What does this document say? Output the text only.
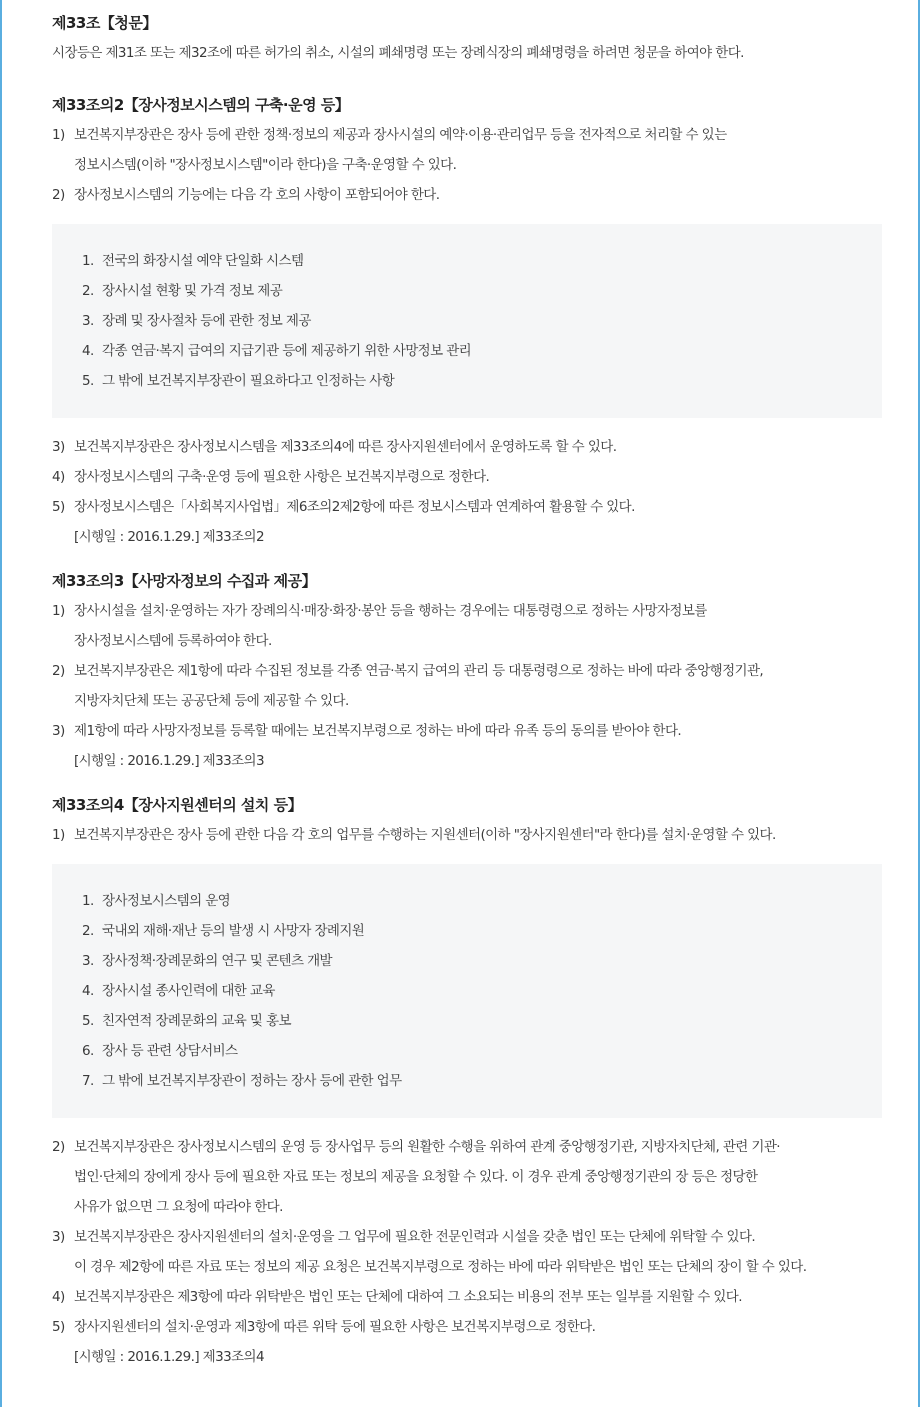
제33조【청문】
시장등은 제31조 또는 제32조에 따른 허가의 취소, 시설의 폐쇄명령 또는 장례식장의 폐쇄명령을 하려면 청문을 하여야 한다.
제33조의2【장사정보시스템의 구축·운영 등】
1) 보건복지부장관은 장사 등에 관한 정책·정보의 제공과 장사시설의 예약·이용·관리업무 등을 전자적으로 처리할 수 있는
정보시스템(이하 "장사정보시스템"이라 한다)을 구축·운영할 수 있다.
2) 장사정보시스템의 기능에는 다음 각 호의 사항이 포함되어야 한다.
1. 전국의 화장시설 예약 단일화 시스템
2. 장사시설 현황 및 가격 정보 제공
3. 장례 및 장사절차 등에 관한 정보 제공
4. 각종 연금·복지 급여의 지급기관 등에 제공하기 위한 사망정보 관리
5. 그 밖에 보건복지부장관이 필요하다고 인정하는 사항
3) 보건복지부장관은 장사정보시스템을 제33조의4에 따른 장사지원센터에서 운영하도록 할 수 있다.
4) 장사정보시스템의 구축·운영 등에 필요한 사항은 보건복지부령으로 정한다.
5) 장사정보시스템은「사회복지사업법」제6조의2제2항에 따른 정보시스템과 연계하여 활용할 수 있다.
[시행일 : 2016.1.29.] 제33조의2
제33조의3【사망자정보의 수집과 제공】
1) 장사시설을 설치·운영하는 자가 장례의식·매장·화장·봉안 등을 행하는 경우에는 대통령령으로 정하는 사망자정보를
장사정보시스템에 등록하여야 한다.
2) 보건복지부장관은 제1항에 따라 수집된 정보를 각종 연금·복지 급여의 관리 등 대통령령으로 정하는 바에 따라 중앙행정기관,
지방자치단체 또는 공공단체 등에 제공할 수 있다.
3) 제1항에 따라 사망자정보를 등록할 때에는 보건복지부령으로 정하는 바에 따라 유족 등의 동의를 받아야 한다.
[시행일 : 2016.1.29.] 제33조의3
제33조의4【장사지원센터의 설치 등】
1) 보건복지부장관은 장사 등에 관한 다음 각 호의 업무를 수행하는 지원센터(이하 "장사지원센터"라 한다)를 설치·운영할 수 있다.
1. 장사정보시스템의 운영
2. 국내외 재해·재난 등의 발생 시 사망자 장례지원
3. 장사정책·장례문화의 연구 및 콘텐츠 개발
4. 장사시설 종사인력에 대한 교육
5. 친자연적 장례문화의 교육 및 홍보
6. 장사 등 관련 상담서비스
7. 그 밖에 보건복지부장관이 정하는 장사 등에 관한 업무
2) 보건복지부장관은 장사정보시스템의 운영 등 장사업무 등의 원활한 수행을 위하여 관계 중앙행정기관, 지방자치단체, 관련 기관·
법인·단체의 장에게 장사 등에 필요한 자료 또는 정보의 제공을 요청할 수 있다. 이 경우 관계 중앙행정기관의 장 등은 정당한
사유가 없으면 그 요청에 따라야 한다.
3) 보건복지부장관은 장사지원센터의 설치·운영을 그 업무에 필요한 전문인력과 시설을 갖춘 법인 또는 단체에 위탁할 수 있다.
이 경우 제2항에 따른 자료 또는 정보의 제공 요청은 보건복지부령으로 정하는 바에 따라 위탁받은 법인 또는 단체의 장이 할 수 있다.
4) 보건복지부장관은 제3항에 따라 위탁받은 법인 또는 단체에 대하여 그 소요되는 비용의 전부 또는 일부를 지원할 수 있다.
5) 장사지원센터의 설치·운영과 제3항에 따른 위탁 등에 필요한 사항은 보건복지부령으로 정한다.
[시행일 : 2016.1.29.] 제33조의4
